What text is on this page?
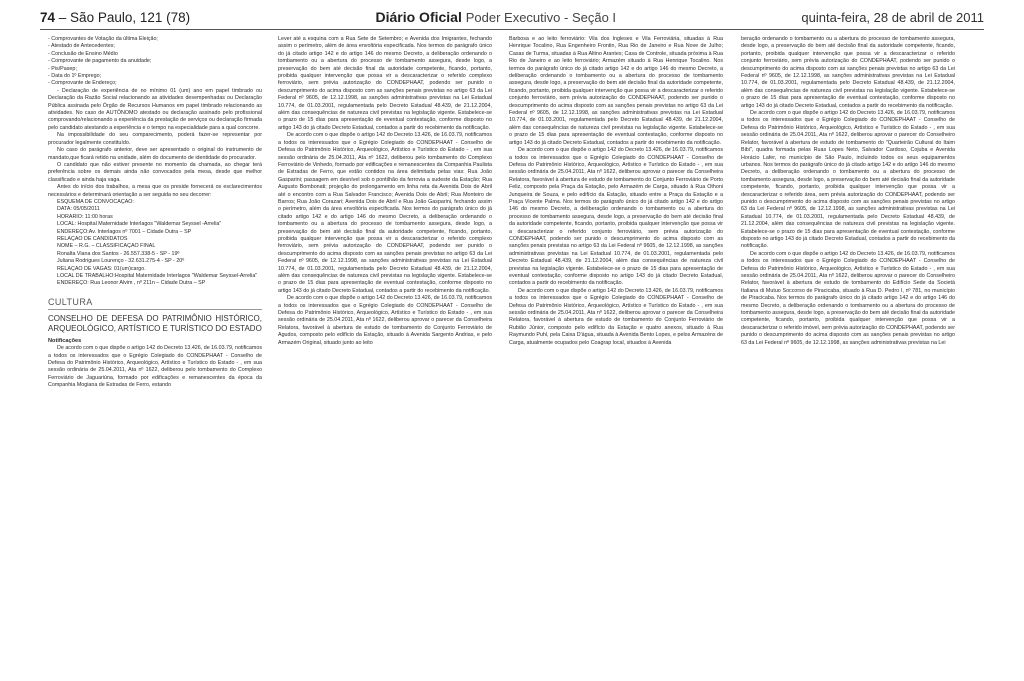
74 – São Paulo, 121 (78)	Diário Oficial Poder Executivo - Seção I	quinta-feira, 28 de abril de 2011
- Comprovantes de Votação da última Eleição;
- Atestado de Antecedentes;
- Conclusão de Ensino Médio
- Comprovante de pagamento da anuidade;
- Pis/Pasep;
- Data do 1º Emprego;
- Comprovante de Endereço;

- Declaração de experiência de no mínimo 01 (um) ano em papel timbrado ou Declaração da Razão Social relacionando as atividades desempenhadas ou Declaração Pública assinada pelo Órgão de Recursos Humanos em papel timbrado relacionando as atividades. No caso de AUTÔNOMO atestado ou declaração assinado pelo profissional comprovando/relacionando a experiência da prestação de serviços ou declaração firmada pelo candidato atestando a experiência e o tempo na especialidade para a qual concorre.

Na impossibilidade do seu comparecimento, poderá fazer-se representar por procurador legalmente constituído.

No caso do parágrafo anterior, deve ser apresentado o original do instrumento de mandato,que ficará retido na unidade, além do documento de identidade do procurador.

O candidato que não estiver presente no momento da chamada, ao chegar terá preferência sobre os demais ainda não convocados pela mesa, desde que melhor classificado e ainda haja vaga.

Antes do início dos trabalhos, a mesa que os preside fornecerá os esclarecimentos necessários e determinará orientação a ser seguida no seu decorrer:

ESQUEMA DE CONVOCAÇÃO:
DATA: 05/05/2011
HORÁRIO: 11:00 horas

LOCAL: Hospital Maternidade Interlagos "Waldemar Seyssel -Arrelia"

ENDEREÇO:Av. Interlagos nº 7001 – Cidade Dutra – SP
RELAÇÃO DE CANDIDATOS
NOME – R.G. – CLASSIFICAÇÃO FINAL
Ronalta Viana dos Santos - 26.557.338-5 - SP - 19º
Juliana Rodrigues Lourenço - 32.631.275-4 - SP - 20º
RELAÇÃO DE VAGAS: 01(um)cargo.

LOCAL DE TRABALHO:Hospital Maternidade Interlagos "Waldemar Seyssel-Arrelia"

ENDEREÇO: Rua Leonor Alvim , nº 211n – Cidade Dutra – SP
CULTURA
CONSELHO DE DEFESA DO PATRIMÔNIO HISTÓRICO, ARQUEOLÓGICO, ARTÍSTICO E TURÍSTICO DO ESTADO
Notificações

De acordo com o que dispõe o artigo 142 do Decreto 13.426, de 16.03.79, notificamos a todos os interessados que o Egrégio Colegiado do CONDEPHAAT - Conselho de Defesa do Patrimônio Histórico, Arqueológico, Artístico e Turístico do Estado - , em sua sessão ordinária de 25.04.2011, Ata nº 1622, deliberou pelo tombamento do Complexo Ferroviário de Jaguariúna, formado por edificações e remanescentes da época da Companhia Mogiana de Estradas de Ferro, estando

Lever até a esquina com a Rua Sete de Setembro; e Avenida dos Imigrantes, fechando assim o perímetro, além de área envoltória especificada. Nos termos do parágrafo único do já citado artigo 142 e do artigo 146 do mesmo Decreto, a deliberação ordenando o tombamento ou a abertura do processo de tombamento assegura, desde logo, a preservação do bem até decisão final da autoridade competente, ficando, portanto, proibida qualquer intervenção que possa vir a descaracterizar o referido complexo ferroviário, sem prévia autorização do CONDEPHAAT, podendo ser punido o descumprimento do acima disposto com as sanções penais previstas no artigo 63 da Lei Federal nº 9605, de 12.12.1998, as sanções administrativas previstas na Lei Estadual 10.774, de 01.03.2001, regulamentada pelo Decreto Estadual 48.439, de 21.12.2004, além das consequências de natureza civil previstas na legislação vigente. Estabelece-se o prazo de 15 dias para apresentação de eventual contestação, conforme disposto no artigo 143 do já citado Decreto Estadual, contados a partir do recebimento da notificação.

De acordo com o que dispõe o artigo 142 do Decreto 13.426, de 16.03.79, notificamos a todos os interessados que o Egrégio Colegiado do CONDEPHAAT - Conselho de Defesa do Patrimônio Histórico, Arqueológico, Artístico e Turístico do Estado - , em sua sessão ordinária de 25.04.2011, Ata nº 1622, deliberou pelo tombamento do Complexo Ferroviário de Vinhedo, formado por edificações e remanescentes da Companhia Paulista de Estradas de Ferro, que estão contidos na área delimitada pelas vias: Rua João Gasparini; passagem em desnível sob o pontilhão da ferrovia a sudeste da Estação; Rua Augusto Bombonati; projeção do prolongamento em linha reta da Avenida Dois de Abril até o encontro com a Rua Salvador Francisco; Avenida Dois de Abril; Rua Monteiro de Barros; Rua João Corazari; Avenida Dois de Abril e Rua João Gasparini, fechando assim o perímetro, além da área envoltória especificada. Nos termos do parágrafo único do já citado artigo 142 e do artigo 146 do mesmo Decreto, a deliberação ordenando o tombamento ou a abertura do processo de tombamento assegura, desde logo, a preservação do bem até decisão final da autoridade competente, ficando, portanto, proibida qualquer intervenção que possa vir a descaracterizar o referido complexo ferroviário, sem prévia autorização do CONDEPHAAT, podendo ser punido o descumprimento do acima disposto com as sanções penais previstas no artigo 63 da Lei Federal nº 9605, de 12.12.1998, as sanções administrativas previstas na Lei Estadual 10.774, de 01.03.2001, regulamentada pelo Decreto Estadual 48.439, de 21.12.2004, além das consequências de natureza civil previstas na legislação vigente. Estabelece-se o prazo de 15 dias para apresentação de eventual contestação, conforme disposto no artigo 143 do já citado Decreto Estadual, contados a partir do recebimento da notificação.

De acordo com o que dispõe o artigo 142 do Decreto 13.426, de 16.03.79, notificamos a todos os interessados que o Egrégio Colegiado do CONDEPHAAT - Conselho de Defesa do Patrimônio Histórico, Arqueológico, Artístico e Turístico do Estado - , em sua sessão ordinária de 25.04.2011, Ata nº 1622, deliberou aprovar o parecer da Conselheira Relatora, favorável à abertura de estudo de tombamento do Conjunto Ferroviário de Agudos, composto pelo edifício da Estação, situado à Avenida Sargento Andrias, e pelo Armazém Original, situado junto ao leito

Barbosa e ao leito ferroviário: Vila dos Ingleses e Vila Ferroviária, situadas à Rua Henrique Tocalino, Rua Engenheiro Frontin, Rua Rio de Janeiro e Rua Nove de Julho; Casas de Turma, situadas à Rua Altino Arantes; Casa de Controle, situada próxima à Rua Rio de Janeiro e ao leito ferroviário; Armazém situado à Rua Henrique Tocalino. Nos termos do parágrafo único do já citado artigo 142 e do artigo 146 do mesmo Decreto, a deliberação ordenando o tombamento ou a abertura do processo de tombamento assegura, desde logo, a preservação do bem até decisão final da autoridade competente, ficando, portanto, proibida qualquer intervenção que possa vir a descaracterizar o referido conjunto ferroviário, sem prévia autorização do CONDEPHAAT, podendo ser punido o descumprimento do acima disposto com as sanções penais previstas no artigo 63 da Lei Federal nº 9605, de 12.12.1998, as sanções administrativas previstas na Lei Estadual 10.774, de 01.03.2001, regulamentada pelo Decreto Estadual 48.439, de 21.12.2004, além das consequências de natureza civil previstas na legislação vigente. Estabelece-se o prazo de 15 dias para apresentação de eventual contestação, conforme disposto no artigo 143 do já citado Decreto Estadual, contados a partir do recebimento da notificação.

De acordo com o que dispõe o artigo 142 do Decreto 13.426, de 16.03.79, notificamos a todos os interessados que o Egrégio Colegiado do CONDEPHAAT - Conselho de Defesa do Patrimônio Histórico, Arqueológico, Artístico e Turístico do Estado - , em sua sessão ordinária de 25.04.2011, Ata nº 1622, deliberou aprovar o parecer da Conselheira Relatora, favorável à abertura de estudo de tombamento do Conjunto Ferroviário de Porto Feliz, composto pela Praça da Estação, pelo Armazém de Carga, situado à Rua Othoni Junqueira de Souza, e pelo edifício da Estação, situado entre a Praça da Estação e a Praça Vicente Palma. Nos termos do parágrafo único do já citado artigo 142 e do artigo 146 do mesmo Decreto, a deliberação ordenando o tombamento ou a abertura do processo de tombamento assegura, desde logo, a preservação do bem até decisão final da autoridade competente, ficando, portanto, proibida qualquer intervenção que possa vir a descaracterizar o referido conjunto ferroviário, sem prévia autorização do CONDEPHAAT, podendo ser punido o descumprimento do acima disposto com as sanções penais previstas no artigo 63 da Lei Federal nº 9605, de 12.12.1998, as sanções administrativas previstas na Lei Estadual 10.774, de 01.03.2001, regulamentada pelo Decreto Estadual 48.439, de 21.12.2004, além das consequências de natureza civil previstas na legislação vigente. Estabelece-se o prazo de 15 dias para apresentação de eventual contestação, conforme disposto no artigo 143 do já citado Decreto Estadual, contados a partir do recebimento da notificação.

De acordo com o que dispõe o artigo 142 do Decreto 13.426, de 16.03.79, notificamos a todos os interessados que o Egrégio Colegiado do CONDEPHAAT - Conselho de Defesa do Patrimônio Histórico, Arqueológico, Artístico e Turístico do Estado - , em sua sessão ordinária de 25.04.2011, Ata nº 1622, deliberou aprovar o parecer da Conselheira Relatora, favorável à abertura de estudo de tombamento do Conjunto Ferroviário de Rubião Júnior, composto pelo edifício da Estação e quatro anexos, situado à Rua Raymundo Puhl, pela Caixa D'água, situada à Avenida Bento Lopes, e pelos Armazéns de Carga, atualmente ocupados pelo Coagrap local, situados à Avenida

beração ordenando o tombamento ou a abertura do processo de tombamento assegura, desde logo, a preservação do bem até decisão final da autoridade competente, ficando, portanto, proibida qualquer intervenção que possa vir a descaracterizar o referido conjunto ferroviário, sem prévia autorização do CONDEPHAAT, podendo ser punido o descumprimento do acima disposto com as sanções penais previstas no artigo 63 da Lei Federal nº 9605, de 12.12.1998, as sanções administrativas previstas na Lei Estadual 10.774, de 01.03.2001, regulamentada pelo Decreto Estadual 48.439, de 21.12.2004, além das consequências de natureza civil previstas na legislação vigente. Estabelece-se o prazo de 15 dias para apresentação de eventual contestação, conforme disposto no artigo 143 do já citado Decreto Estadual, contados a partir do recebimento da notificação.

De acordo com o que dispõe o artigo 142 do Decreto 13.426, de 16.03.79, notificamos a todos os interessados que o Egrégio Colegiado do CONDEPHAAT - Conselho de Defesa do Patrimônio Histórico, Arqueológico, Artístico e Turístico do Estado - , em sua sessão ordinária de 25.04.2011, Ata nº 1622, deliberou aprovar o parecer do Conselheiro Relator, favorável à abertura de estudo de tombamento do "Quarteirão Cultural do Itaim Bibi", quadra formada pelas Ruas Lopes Neto, Salvador Cardoso, Cojuba e Avenida Horácio Lafer, no município de São Paulo, incluindo todos os seus equipamentos urbanos. Nos termos do parágrafo único do já citado artigo 142 e do artigo 146 do mesmo Decreto, a deliberação ordenando o tombamento ou a abertura do processo de tombamento assegura, desde logo, a preservação do bem até decisão final da autoridade competente, ficando, portanto, proibida qualquer intervenção que possa vir a descaracterizar o referido área, sem prévia autorização do CONDEPHAAT, podendo ser punido o descumprimento do acima disposto com as sanções penais previstas no artigo 63 da Lei Federal nº 9605, de 12.12.1998, as sanções administrativas previstas na Lei Estadual 10.774, de 01.03.2001, regulamentada pelo Decreto Estadual 48.439, de 21.12.2004, além das consequências de natureza civil previstas na legislação vigente. Estabelece-se o prazo de 15 dias para apresentação de eventual contestação, conforme disposto no artigo 143 do já citado Decreto Estadual, contados a partir do recebimento da notificação.

De acordo com o que dispõe o artigo 142 do Decreto 13.426, de 16.03.79, notificamos a todos os interessados que o Egrégio Colegiado do CONDEPHAAT - Conselho de Defesa do Patrimônio Histórico, Arqueológico, Artístico e Turístico do Estado - , em sua sessão ordinária de 25.04.2011, Ata nº 1622, deliberou aprovar o parecer do Conselheiro Relator, favorável à abertura de estudo de tombamento do Edifício Sede da Società Italiana di Mutuo Soccorso de Piracicaba, situado à Rua D. Pedro I, nº 781, no município de Piracicaba. Nos termos do parágrafo único do já citado artigo 142 e do artigo 146 do mesmo Decreto, a deliberação ordenando o tombamento ou a abertura do processo de tombamento assegura, desde logo, a preservação do bem até decisão final da autoridade competente, ficando, portanto, proibida qualquer intervenção que possa vir a descaracterizar o referido imóvel, sem prévia autorização do CONDEPHAAT, podendo ser punido o descumprimento do acima disposto com as sanções penais previstas no artigo 63 da Lei Federal nº 9605, de 12.12.1998, as sanções administrativas previstas na Lei
